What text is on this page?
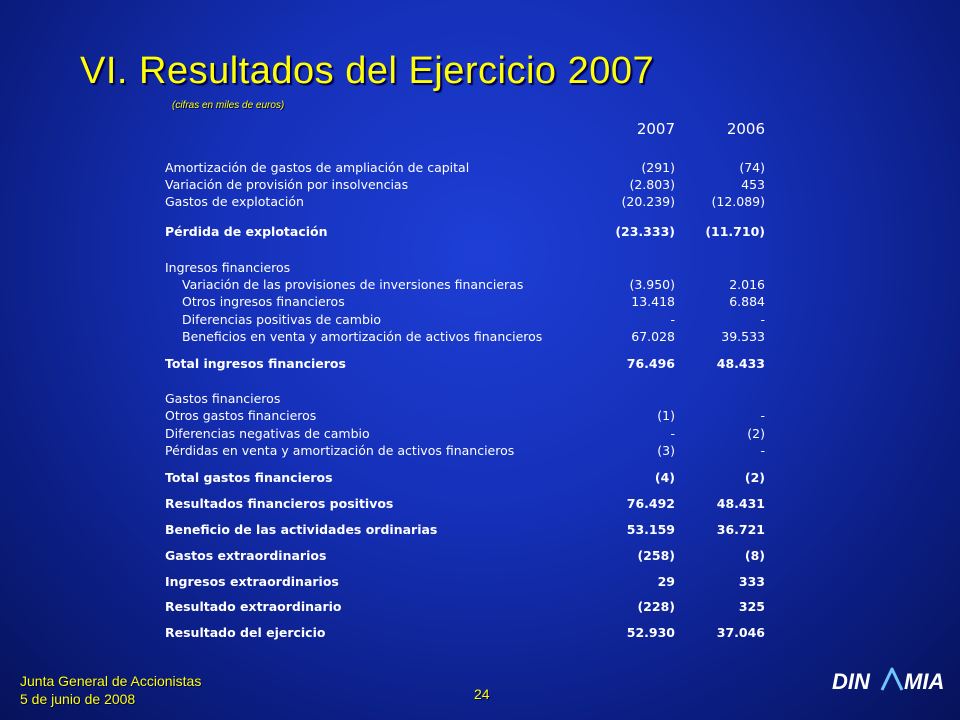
VI. Resultados del Ejercicio 2007
(cifras en miles de euros)
2007	2006
Amortización de gastos de ampliación de capital	(291)	(74)
Variación de provisión por insolvencias	(2.803)	453
Gastos de explotación	(20.239)	(12.089)
Pérdida de explotación	(23.333) (11.710)
Ingresos financieros
Variación de las provisiones de inversiones financieras	(3.950)	2.016
Otros ingresos financieros	13.418	6.884
Diferencias positivas de cambio	-	-
Beneficios en venta y amortización de activos financieros	67.028	39.533
Total ingresos financieros	76.496	48.433
Gastos financieros
Otros gastos financieros	(1)	-
Diferencias negativas de cambio	-	(2)
Pérdidas en venta y amortización de activos financieros	(3)	-
Total gastos financieros	(4)	(2)
Resultados financieros positivos	76.492	48.431
Beneficio de las actividades ordinarias	53.159	36.721
Gastos extraordinarios	(258)	(8)
Ingresos extraordinarios	29	333
Resultado extraordinario	(228)	325
Resultado del ejercicio	52.930	37.046
Junta General de Accionistas
5 de junio de 2008	24	DIN MIA
